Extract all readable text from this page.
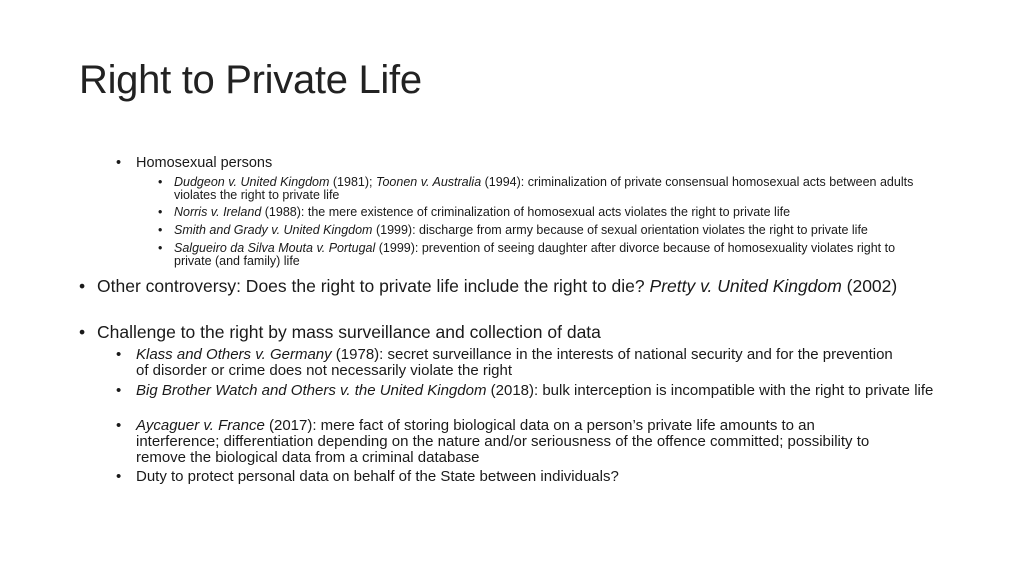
Right to Private Life

• Homosexual persons

• Dudgeon v. United Kingdom (1981); Toonen v. Australia (1994): criminalization of private consensual homosexual acts between adults violates the right to private life

• Norris v. Ireland (1988): the mere existence of criminalization of homosexual acts violates the right to private life

• Smith and Grady v. United Kingdom (1999): discharge from army because of sexual orientation violates the right to private life

• Salgueiro da Silva Mouta v. Portugal (1999): prevention of seeing daughter after divorce because of homosexuality violates right to private (and family) life

• Other controversy: Does the right to private life include the right to die? Pretty v. United Kingdom (2002)

• Challenge to the right by mass surveillance and collection of data

• Klass and Others v. Germany (1978): secret surveillance in the interests of national security and for the prevention of disorder or crime does not necessarily violate the right

• Big Brother Watch and Others v. the United Kingdom (2018): bulk interception is incompatible with the right to private life

• Aycaguer v. France (2017): mere fact of storing biological data on a person’s private life amounts to an interference; differentiation depending on the nature and/or seriousness of the offence committed; possibility to remove the biological data from a criminal database

• Duty to protect personal data on behalf of the State between individuals?
